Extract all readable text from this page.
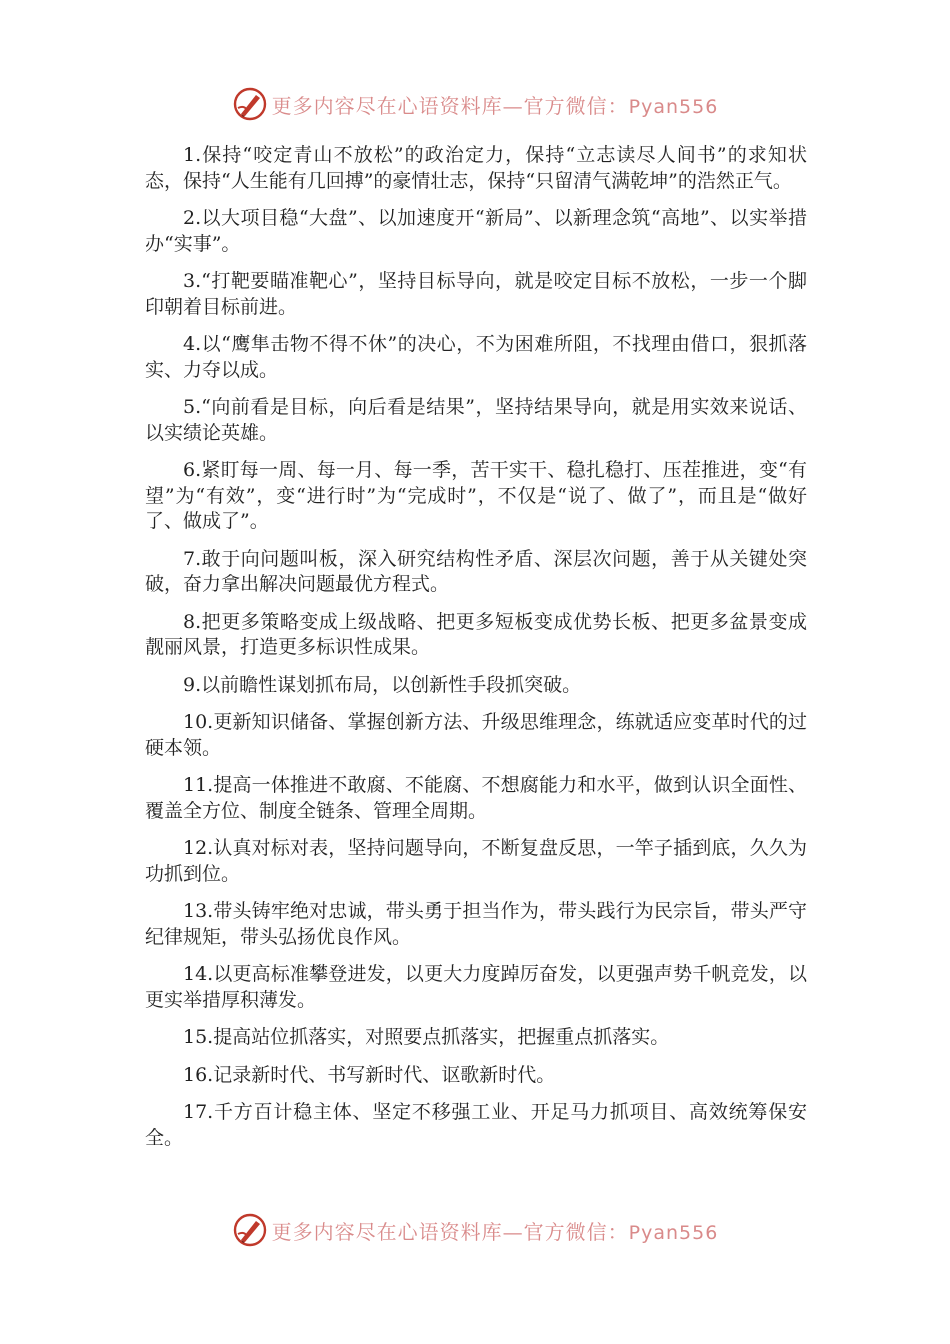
更多内容尽在心语资料库—官方微信：Pyan556

1.保持“咬定青山不放松”的政治定力，保持“立志读尽人间书”的求知状态，保持“人生能有几回搏”的豪情壮志，保持“只留清气满乾坤”的浩然正气。

2.以大项目稳“大盘”、以加速度开“新局”、以新理念筑“高地”、以实举措办“实事”。

3.“打靶要瞄准靶心”，坚持目标导向，就是咬定目标不放松，一步一个脚印朝着目标前进。

4.以“鹰隼击物不得不休”的决心，不为困难所阻，不找理由借口，狠抓落实、力夺以成。

5.“向前看是目标，向后看是结果”，坚持结果导向，就是用实效来说话、以实绩论英雄。

6.紧盯每一周、每一月、每一季，苦干实干、稳扎稳打、压茬推进，变“有望”为“有效”，变“进行时”为“完成时”，不仅是“说了、做了”，而且是“做好了、做成了”。

7.敢于向问题叫板，深入研究结构性矛盾、深层次问题，善于从关键处突破，奋力拿出解决问题最优方程式。

8.把更多策略变成上级战略、把更多短板变成优势长板、把更多盆景变成靓丽风景，打造更多标识性成果。

9.以前瞻性谋划抓布局，以创新性手段抓突破。

10.更新知识储备、掌握创新方法、升级思维理念，练就适应变革时代的过硬本领。

11.提高一体推进不敢腐、不能腐、不想腐能力和水平，做到认识全面性、覆盖全方位、制度全链条、管理全周期。

12.认真对标对表，坚持问题导向，不断复盘反思，一竿子插到底，久久为功抓到位。

13.带头铸牢绝对忠诚，带头勇于担当作为，带头践行为民宗旨，带头严守纪律规矩，带头弘扬优良作风。

14.以更高标准攀登进发，以更大力度踔厉奋发，以更强声势千帆竞发，以更实举措厚积薄发。

15.提高站位抓落实，对照要点抓落实，把握重点抓落实。

16.记录新时代、书写新时代、讴歌新时代。

17.千方百计稳主体、坚定不移强工业、开足马力抓项目、高效统筹保安全。

更多内容尽在心语资料库—官方微信：Pyan556
